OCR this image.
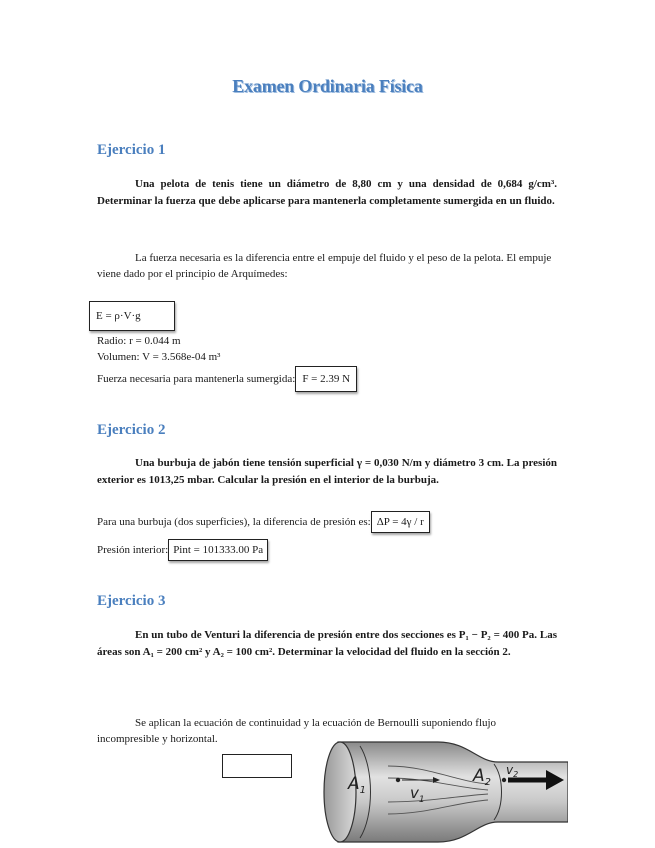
Examen Ordinaria Física
Ejercicio 1
Una pelota de tenis tiene un diámetro de 8,80 cm y una densidad de 0,684 g/cm³. Determinar la fuerza que debe aplicarse para mantenerla completamente sumergida en un fluido.
La fuerza necesaria es la diferencia entre el empuje del fluido y el peso de la pelota. El empuje viene dado por el principio de Arquímedes:
E = ρ·V·g
Radio: r = 0.044 m
Volumen: V = 3.568e-04 m³
Fuerza necesaria para mantenerla sumergida: F = 2.39 N
Ejercicio 2
Una burbuja de jabón tiene tensión superficial γ = 0,030 N/m y diámetro 3 cm. La presión exterior es 1013,25 mbar. Calcular la presión en el interior de la burbuja.
Para una burbuja (dos superficies), la diferencia de presión es: ΔP = 4γ / r
Presión interior: Pint = 101333.00 Pa
Ejercicio 3
En un tubo de Venturi la diferencia de presión entre dos secciones es P₁ − P₂ = 400 Pa. Las áreas son A₁ = 200 cm² y A₂ = 100 cm². Determinar la velocidad del fluido en la sección 2.
Se aplican la ecuación de continuidad y la ecuación de Bernoulli suponiendo flujo incompresible y horizontal.
$A_1$	$v_1$
$A_2$
$v_2$
